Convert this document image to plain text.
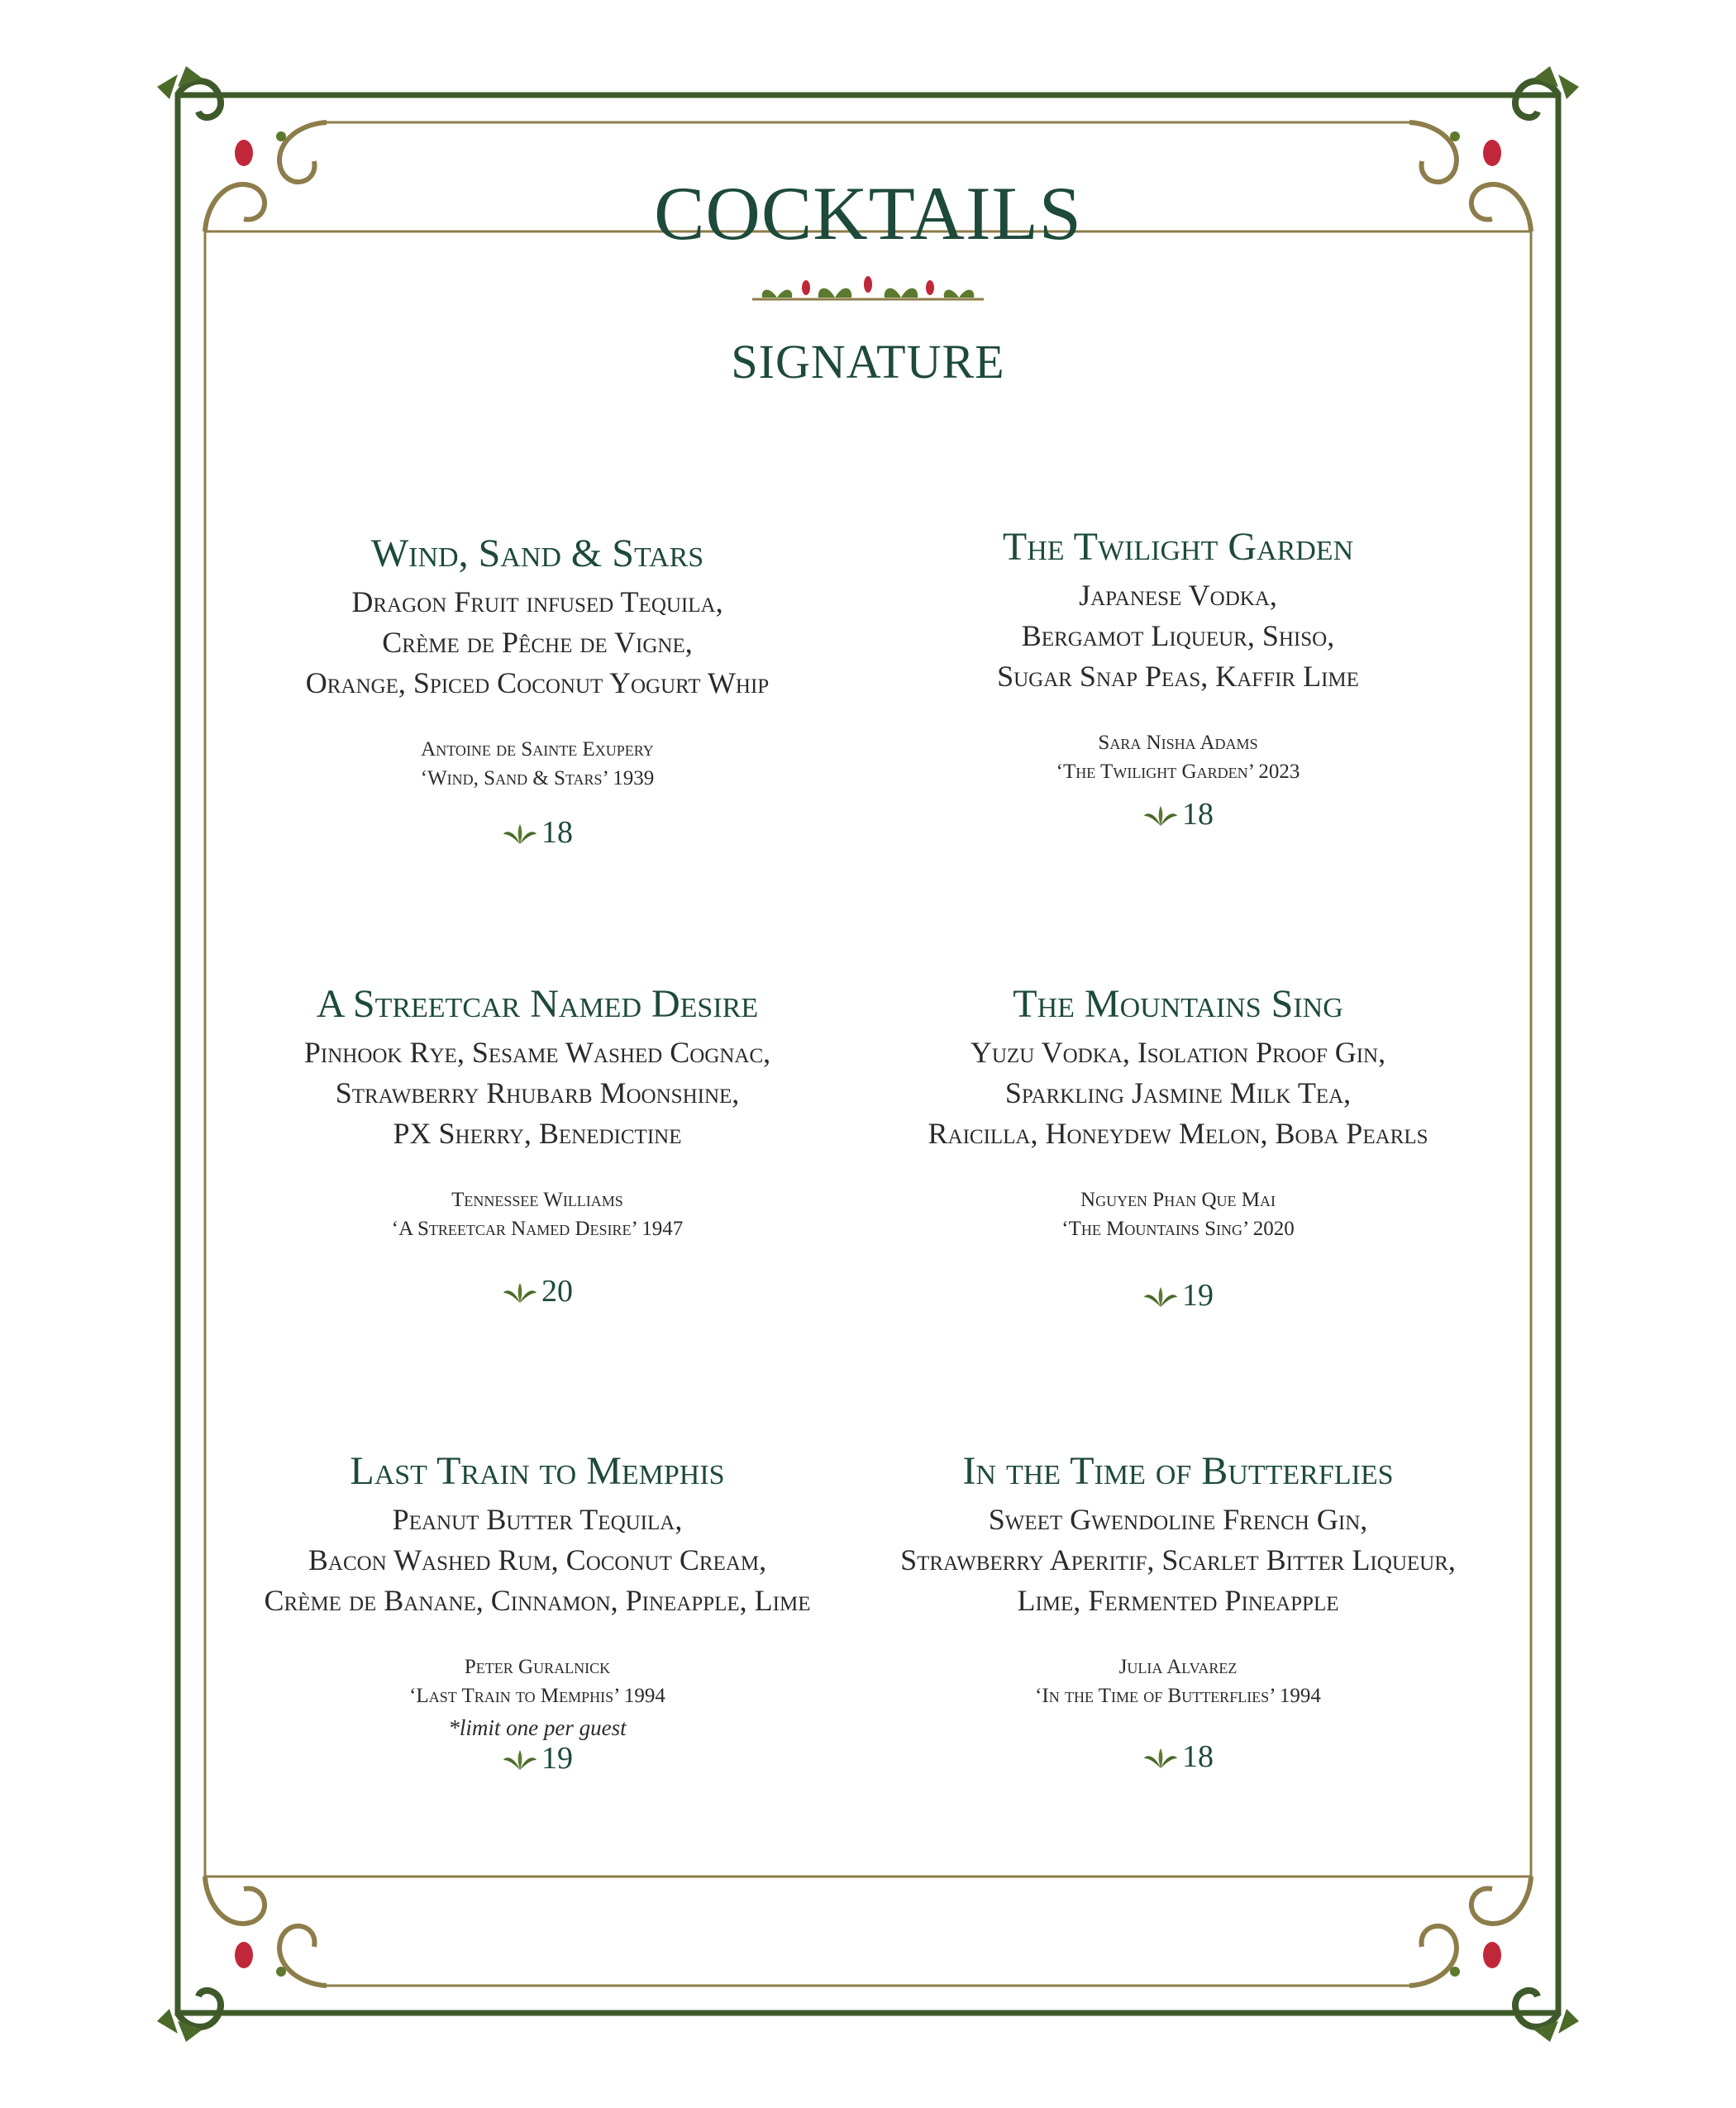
COCKTAILS
SIGNATURE
Wind, Sand & Stars
Dragon Fruit infused Tequila,
Crème de Pêche de Vigne,
Orange, Spiced Coconut Yogurt Whip
Antoine de Sainte Exupery
‘Wind, Sand & Stars’ 1939
18
The Twilight Garden
Japanese Vodka,
Bergamot Liqueur, Shiso,
Sugar Snap Peas, Kaffir Lime
Sara Nisha Adams
‘The Twilight Garden’ 2023
18
A Streetcar Named Desire
Pinhook Rye, Sesame Washed Cognac,
Strawberry Rhubarb Moonshine,
PX Sherry, Benedictine
Tennessee Williams
‘A Streetcar Named Desire’ 1947
20
The Mountains Sing
Yuzu Vodka, Isolation Proof Gin,
Sparkling Jasmine Milk Tea,
Raicilla, Honeydew Melon, Boba Pearls
Nguyen Phan Que Mai
‘The Mountains Sing’ 2020
19
Last Train to Memphis
Peanut Butter Tequila,
Bacon Washed Rum, Coconut Cream,
Crème de Banane, Cinnamon, Pineapple, Lime
Peter Guralnick
‘Last Train to Memphis’ 1994
*limit one per guest
19
In the Time of Butterflies
Sweet Gwendoline French Gin,
Strawberry Aperitif, Scarlet Bitter Liqueur,
Lime, Fermented Pineapple
Julia Alvarez
‘In the Time of Butterflies’ 1994
18
